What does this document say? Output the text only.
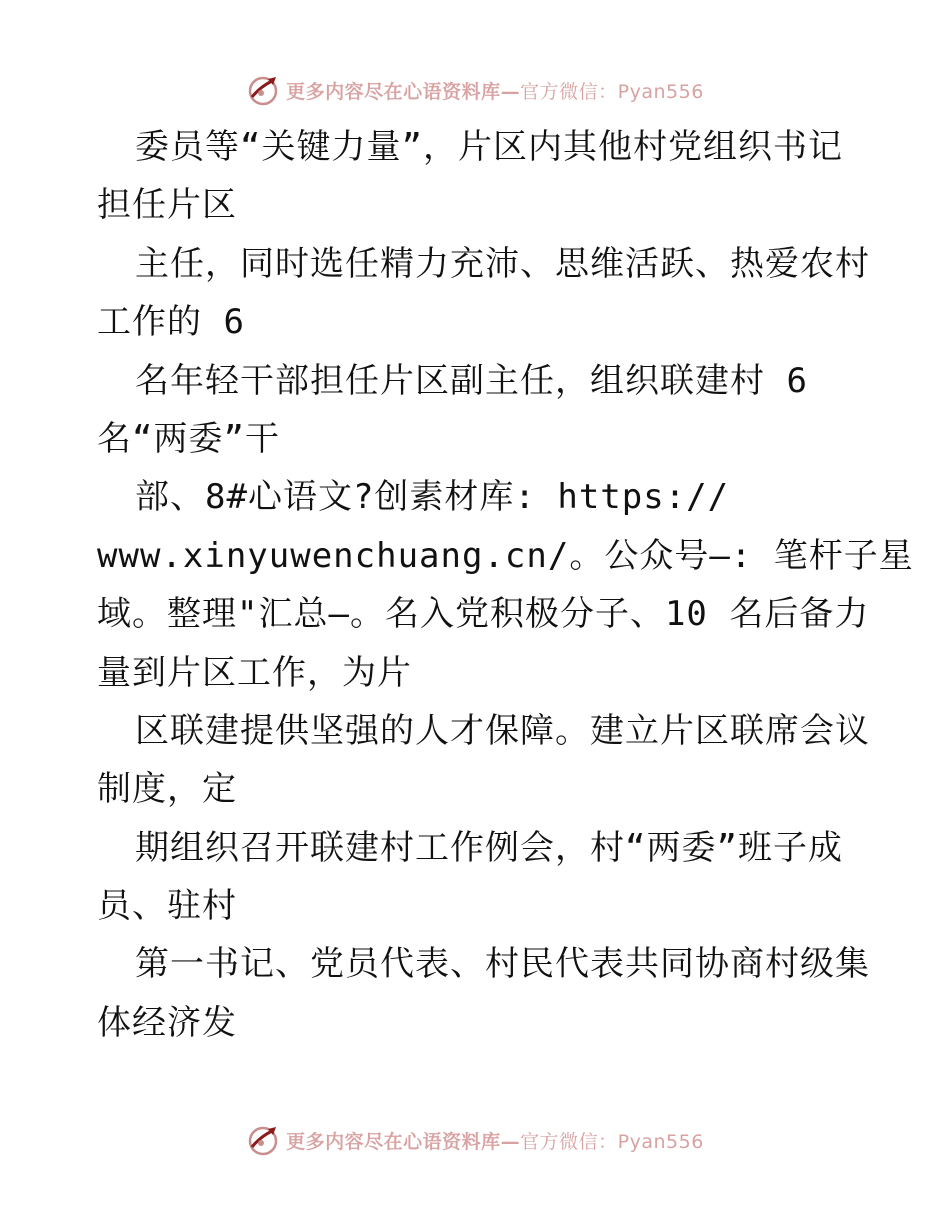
更多内容尽在心语资料库—官方微信：Pyan556
委员等“关键力量”，片区内其他村党组织书记
担任片区
主任，同时选任精力充沛、思维活跃、热爱农村
工作的 6
名年轻干部担任片区副主任，组织联建村 6
名“两委”干
部、8#心语文?创素材库: https://
www.xinyuwenchuang.cn/。公众号—: 笔杆子星
域。整理"汇总—。名入党积极分子、10 名后备力
量到片区工作，为片
区联建提供坚强的人才保障。建立片区联席会议
制度，定
期组织召开联建村工作例会，村“两委”班子成
员、驻村
第一书记、党员代表、村民代表共同协商村级集
体经济发
更多内容尽在心语资料库—官方微信：Pyan556
